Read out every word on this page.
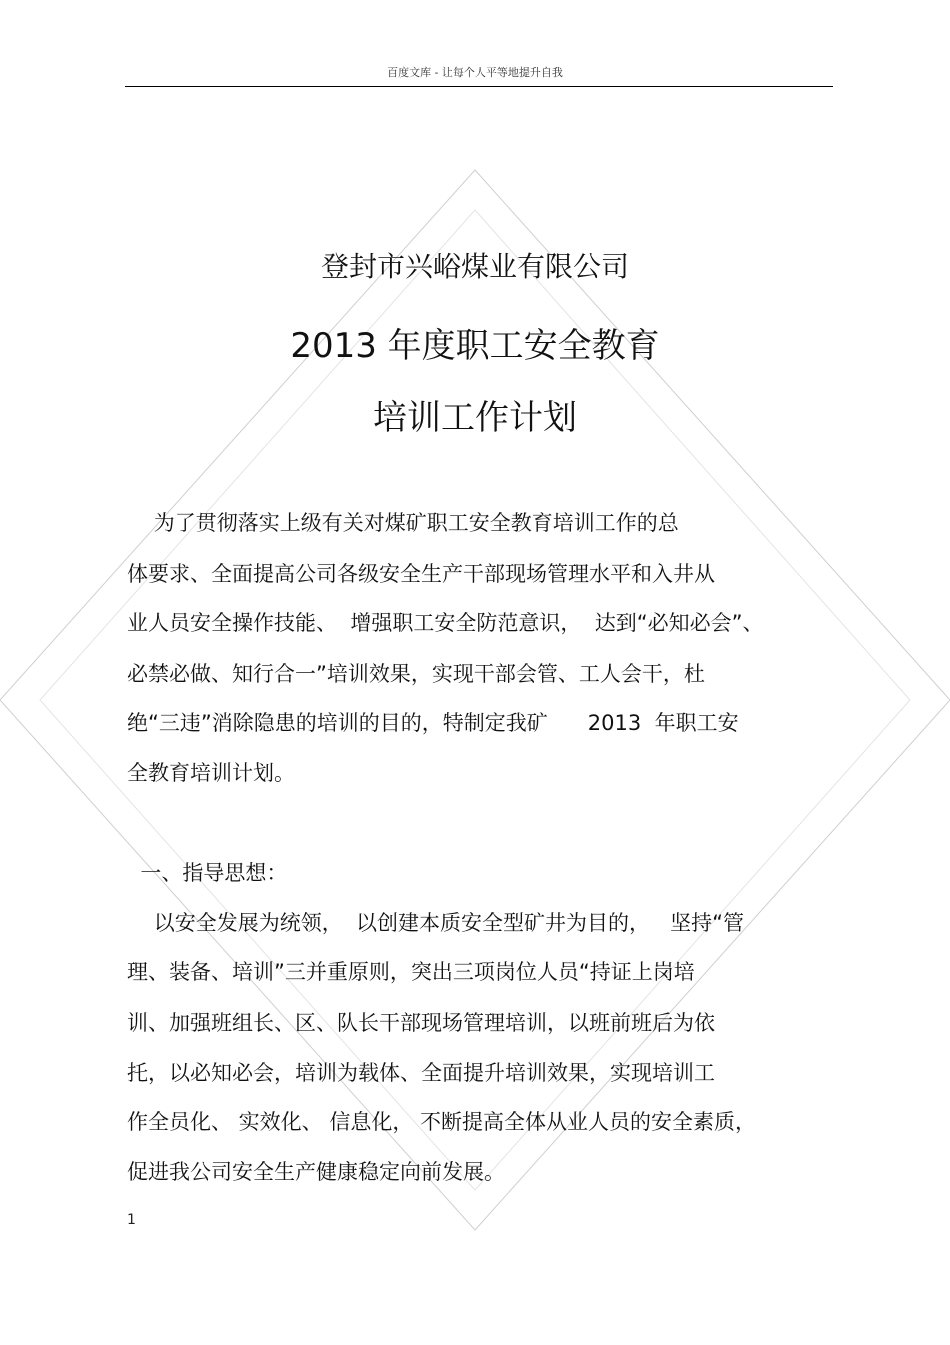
百度文库 - 让每个人平等地提升自我
登封市兴峪煤业有限公司
2013 年度职工安全教育
培训工作计划
为了贯彻落实上级有关对煤矿职工安全教育培训工作的总
体要求、全面提高公司各级安全生产干部现场管理水平和入井从
业人员安全操作技能、  增强职工安全防范意识，  达到“必知必会”、
必禁必做、知行合一”培训效果，实现干部会管、工人会干，杜
绝“三违”消除隐患的培训的目的，特制定我矿      2013  年职工安
全教育培训计划。
一、指导思想：
以安全发展为统领，  以创建本质安全型矿井为目的，   坚持“管
理、装备、培训”三并重原则，突出三项岗位人员“持证上岗培
训、加强班组长、区、队长干部现场管理培训，以班前班后为依
托，以必知必会，培训为载体、全面提升培训效果，实现培训工
作全员化、 实效化、 信息化， 不断提高全体从业人员的安全素质，
促进我公司安全生产健康稳定向前发展。
1
